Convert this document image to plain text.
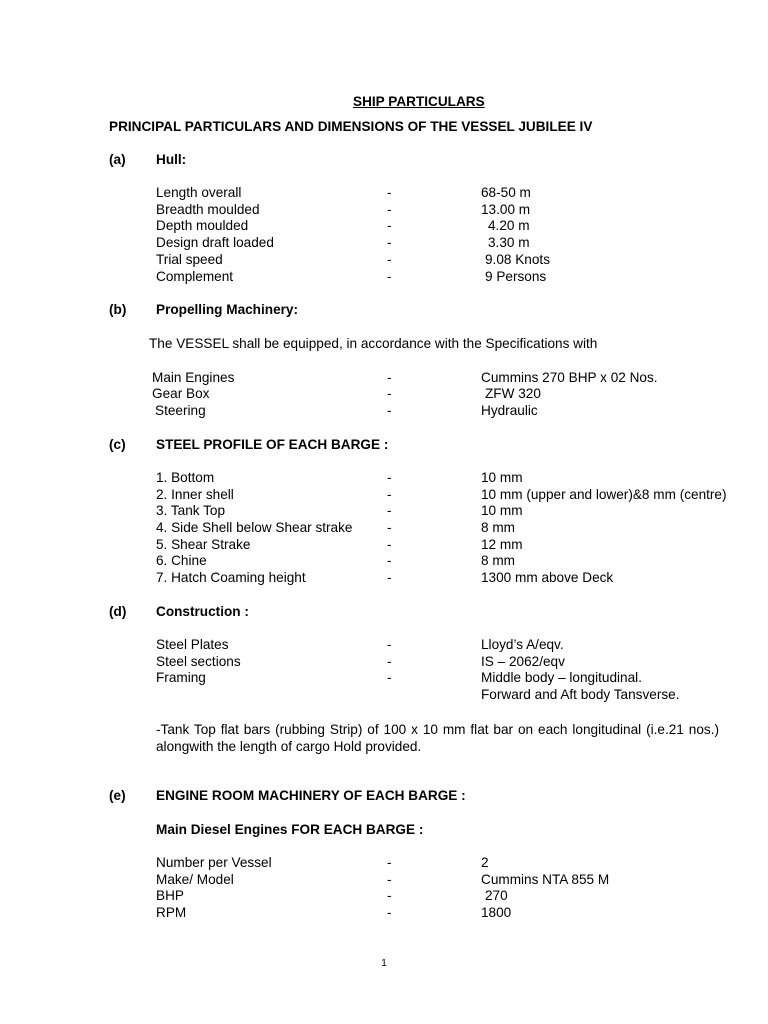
SHIP PARTICULARS
PRINCIPAL PARTICULARS AND DIMENSIONS OF THE VESSEL JUBILEE IV
(a) Hull:
Length overall	-	68-50 m
Breadth moulded	-	13.00 m
Depth moulded	-	4.20 m
Design draft loaded	-	3.30 m
Trial speed	-	9.08 Knots
Complement	-	9 Persons
(b) Propelling Machinery:
The VESSEL shall be equipped, in accordance with the Specifications with
Main Engines	-	Cummins 270 BHP x 02 Nos.
Gear Box	-	ZFW 320
Steering	-	Hydraulic
(c) STEEL PROFILE OF EACH BARGE :
1. Bottom	-	10 mm
2. Inner shell	-	10 mm (upper and lower)&8 mm (centre)
3. Tank Top	-	10 mm
4. Side Shell below Shear strake	-	8 mm
5. Shear Strake	-	12 mm
6. Chine	-	8 mm
7. Hatch Coaming height	-	1300 mm above Deck
(d) Construction :
Steel Plates	-	Lloyd’s A/eqv.
Steel sections	-	IS – 2062/eqv
Framing	-	Middle body – longitudinal.
Forward and Aft body Tansverse.
-Tank Top flat bars (rubbing Strip) of 100 x 10 mm flat bar on each longitudinal (i.e.21 nos.) alongwith the length of cargo Hold provided.
(e) ENGINE ROOM MACHINERY OF EACH BARGE :
Main Diesel Engines FOR EACH BARGE :
Number per Vessel	-	2
Make/ Model	-	Cummins NTA 855 M
BHP	-	270
RPM	-	1800
1
